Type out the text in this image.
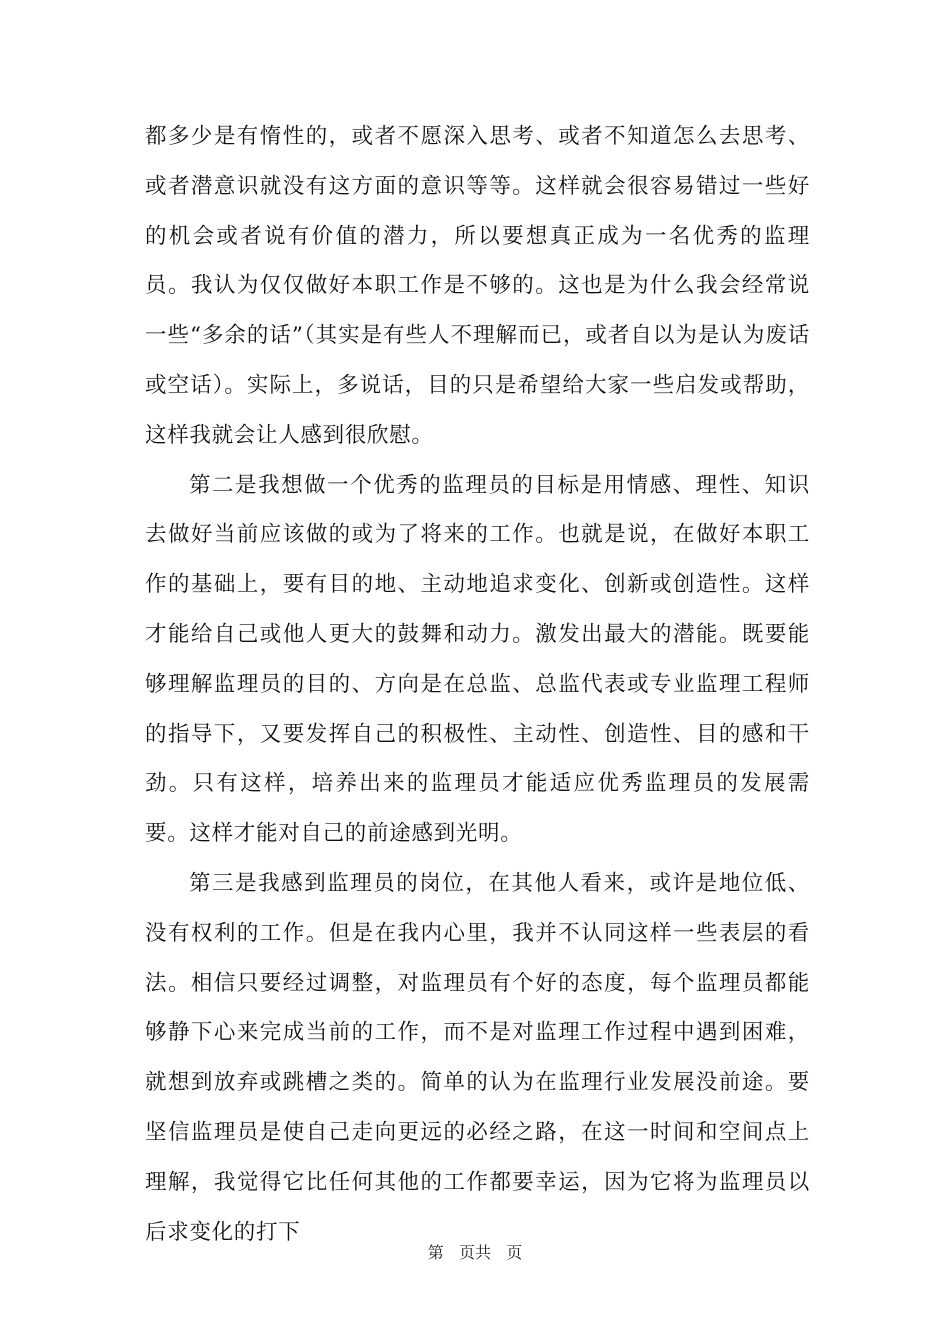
都多少是有惰性的，或者不愿深入思考、或者不知道怎么去思考、或者潜意识就没有这方面的意识等等。这样就会很容易错过一些好的机会或者说有价值的潜力，所以要想真正成为一名优秀的监理员。我认为仅仅做好本职工作是不够的。这也是为什么我会经常说一些“多余的话”（其实是有些人不理解而已，或者自以为是认为废话或空话）。实际上，多说话，目的只是希望给大家一些启发或帮助，这样我就会让人感到很欣慰。

第二是我想做一个优秀的监理员的目标是用情感、理性、知识去做好当前应该做的或为了将来的工作。也就是说，在做好本职工作的基础上，要有目的地、主动地追求变化、创新或创造性。这样才能给自己或他人更大的鼓舞和动力。激发出最大的潜能。既要能够理解监理员的目的、方向是在总监、总监代表或专业监理工程师的指导下，又要发挥自己的积极性、主动性、创造性、目的感和干劲。只有这样，培养出来的监理员才能适应优秀监理员的发展需要。这样才能对自己的前途感到光明。

第三是我感到监理员的岗位，在其他人看来，或许是地位低、没有权利的工作。但是在我内心里，我并不认同这样一些表层的看法。相信只要经过调整，对监理员有个好的态度，每个监理员都能够静下心来完成当前的工作，而不是对监理工作过程中遇到困难，就想到放弃或跳槽之类的。简单的认为在监理行业发展没前途。要坚信监理员是使自己走向更远的必经之路，在这一时间和空间点上理解，我觉得它比任何其他的工作都要幸运，因为它将为监理员以后求变化的打下

第   页共   页
